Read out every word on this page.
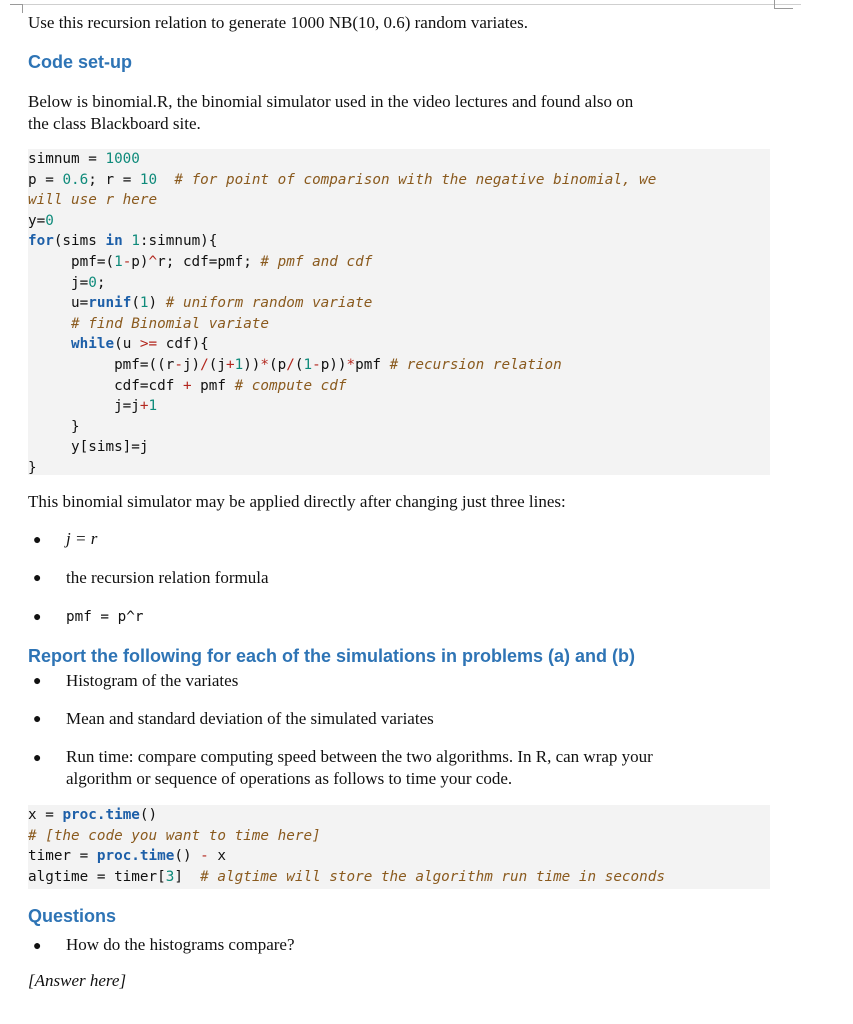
Use this recursion relation to generate 1000 NB(10, 0.6) random variates.
Code set-up
Below is binomial.R, the binomial simulator used in the video lectures and found also on
the class Blackboard site.
simnum = 1000
p = 0.6; r = 10 # for point of comparison with the negative binomial, we
will use r here
y=0
for(sims in 1:simnum){
pmf=(1-p)^r; cdf=pmf; # pmf and cdf
j=0;
u=runif(1) # uniform random variate
# find Binomial variate
while(u >= cdf){
pmf=((r-j)/(j+1))*(p/(1-p))*pmf # recursion relation
cdf=cdf + pmf # compute cdf
j=j+1
}
y[sims]=j
}
This binomial simulator may be applied directly after changing just three lines:
● j = r
● the recursion relation formula
● pmf = p^r
Report the following for each of the simulations in problems (a) and (b)
● Histogram of the variates
● Mean and standard deviation of the simulated variates
● Run time: compare computing speed between the two algorithms. In R, can wrap your
algorithm or sequence of operations as follows to time your code.
x = proc.time()
# [the code you want to time here]
timer = proc.time() - x
algtime = timer[3]  # algtime will store the algorithm run time in seconds
Questions
● How do the histograms compare?
[Answer here]
